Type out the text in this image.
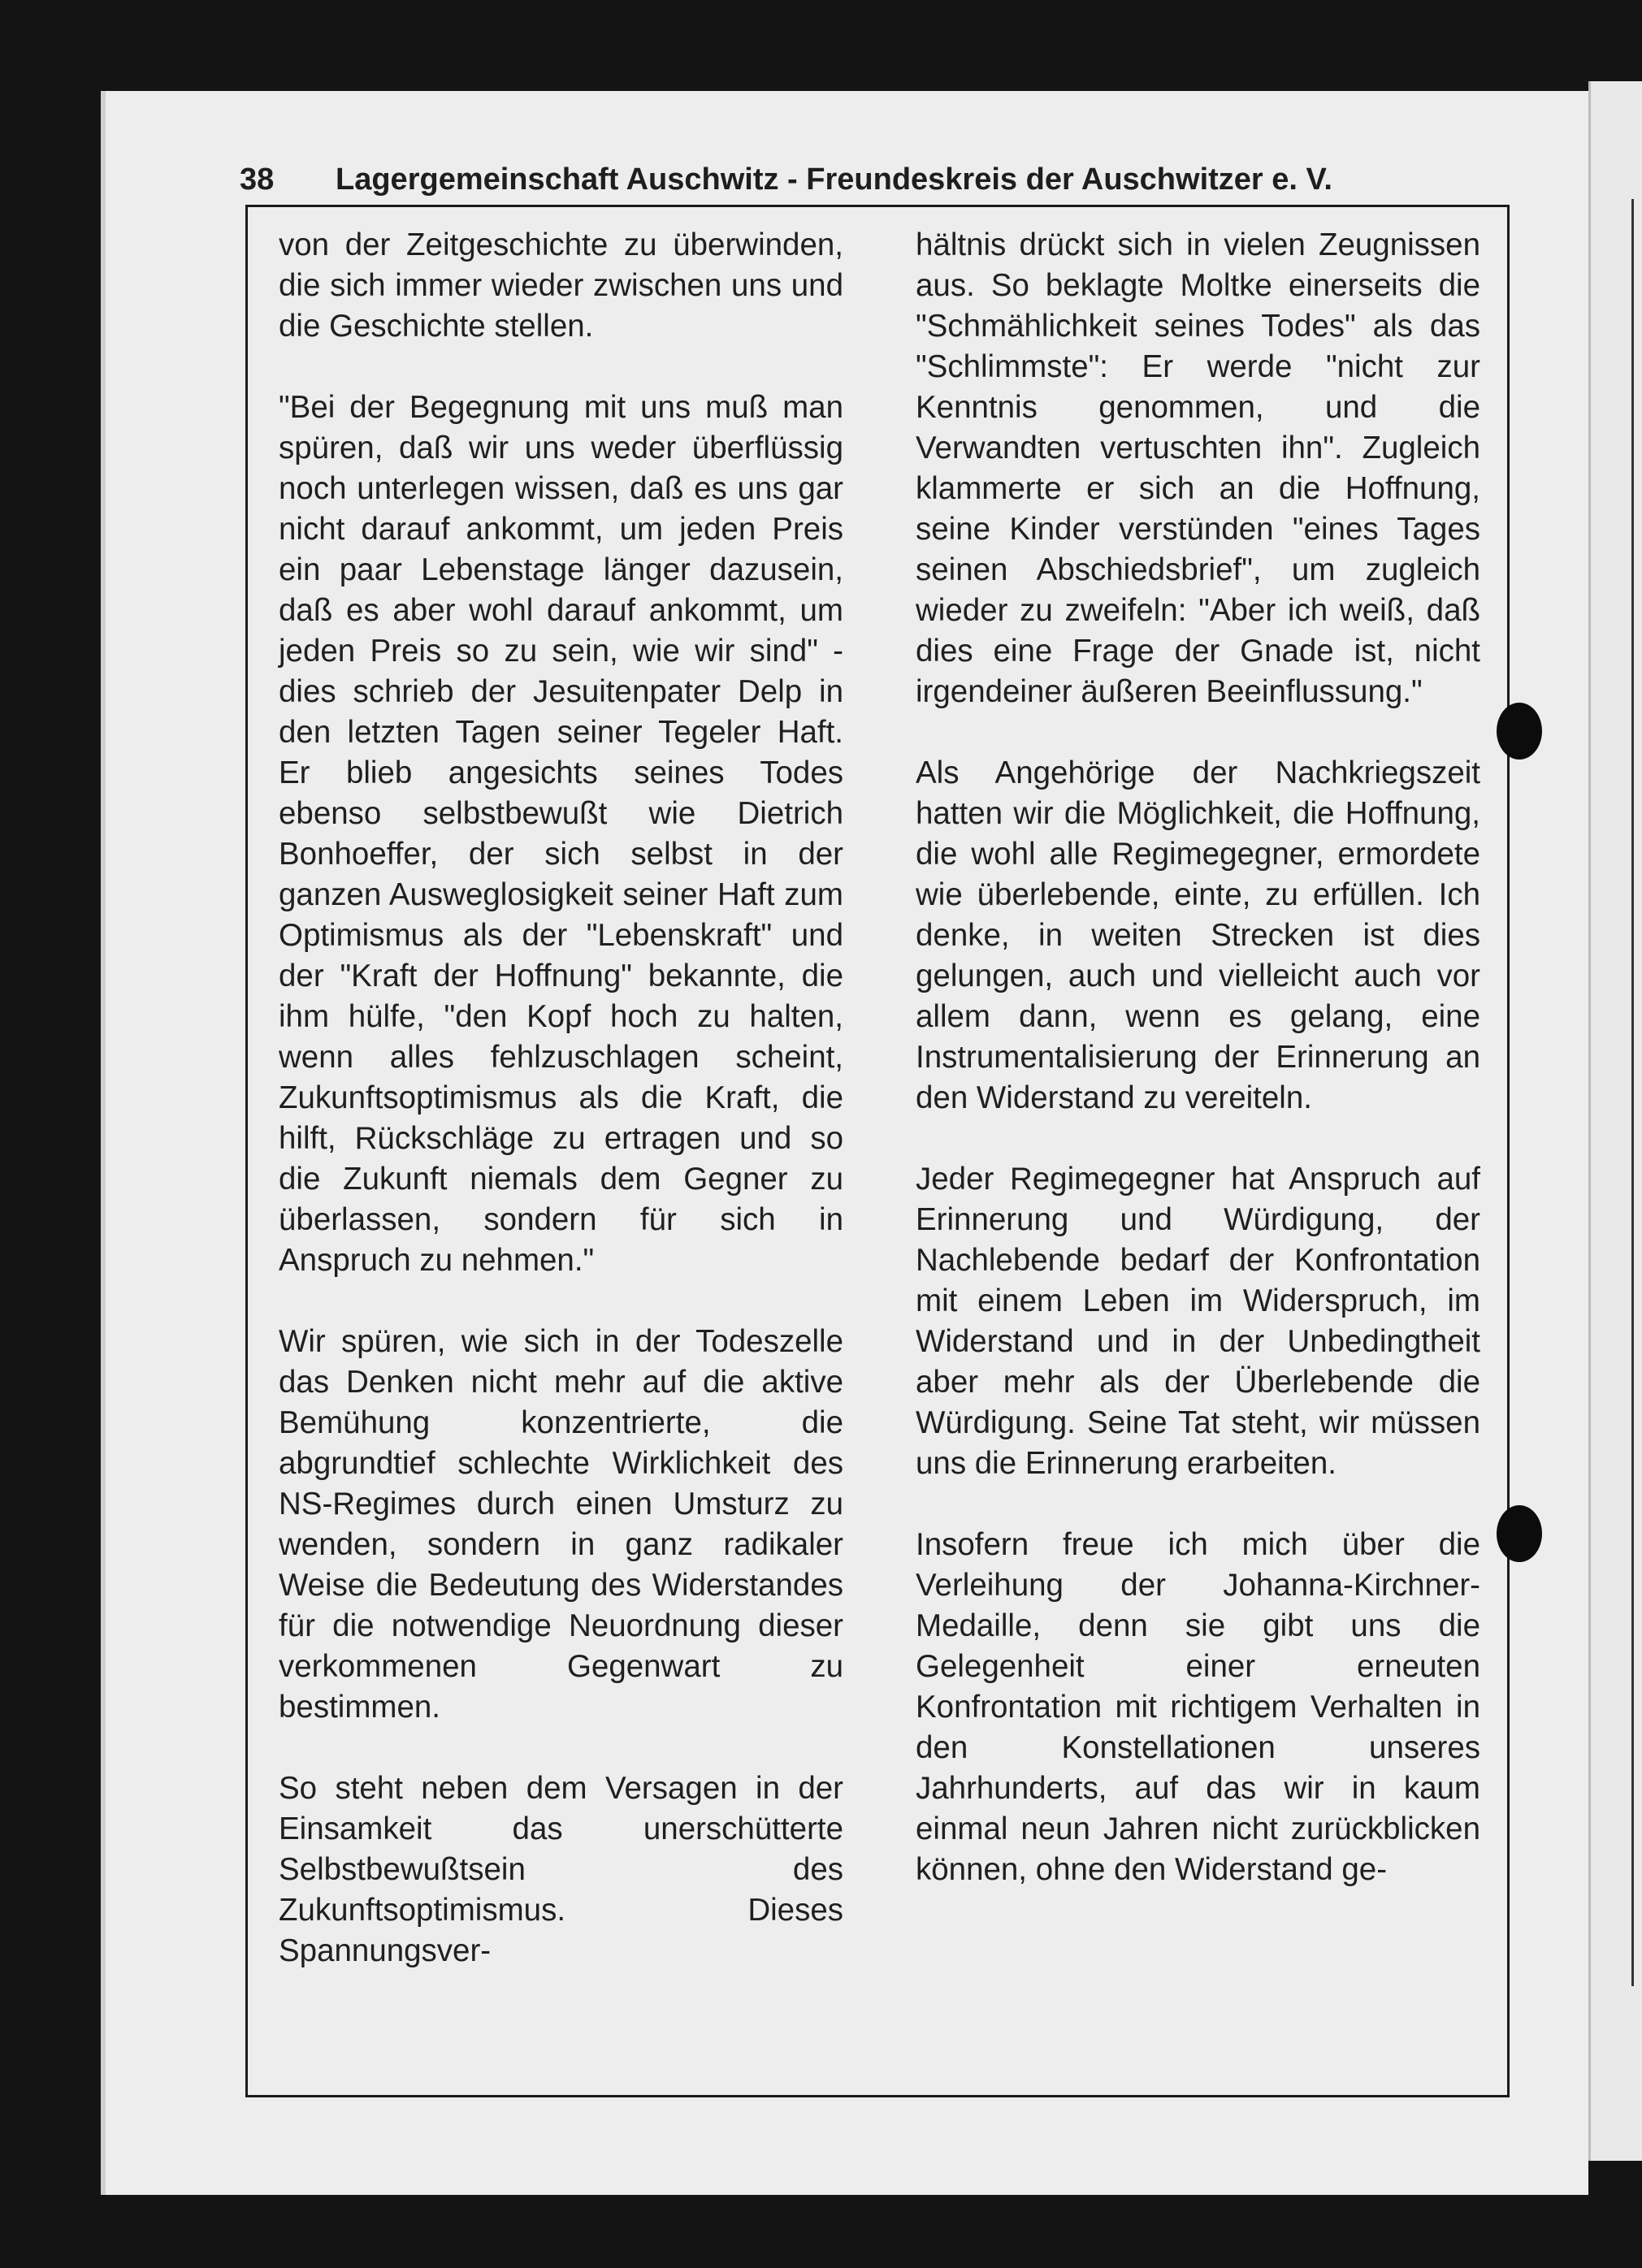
38 Lagergemeinschaft Auschwitz - Freundeskreis der Auschwitzer e. V.

von der Zeitgeschichte zu überwinden, die sich immer wieder zwischen uns und die Geschichte stellen.

"Bei der Begegnung mit uns muß man spüren, daß wir uns weder überflüssig noch unterlegen wissen, daß es uns gar nicht darauf ankommt, um jeden Preis ein paar Lebenstage länger dazusein, daß es aber wohl darauf ankommt, um jeden Preis so zu sein, wie wir sind" - dies schrieb der Jesuitenpater Delp in den letzten Tagen seiner Tegeler Haft. Er blieb angesichts seines Todes ebenso selbstbewußt wie Dietrich Bonhoeffer, der sich selbst in der ganzen Ausweglosigkeit seiner Haft zum Optimismus als der "Lebenskraft" und der "Kraft der Hoffnung" bekannte, die ihm hülfe, "den Kopf hoch zu halten, wenn alles fehlzuschlagen scheint, Zukunftsoptimismus als die Kraft, die hilft, Rückschläge zu ertragen und so die Zukunft niemals dem Gegner zu überlassen, sondern für sich in Anspruch zu nehmen."

Wir spüren, wie sich in der Todeszelle das Denken nicht mehr auf die aktive Bemühung konzentrierte, die abgrundtief schlechte Wirklichkeit des NS-Regimes durch einen Umsturz zu wenden, sondern in ganz radikaler Weise die Bedeutung des Widerstandes für die notwendige Neuordnung dieser verkommenen Gegenwart zu bestimmen.

So steht neben dem Versagen in der Einsamkeit das unerschütterte Selbstbewußtsein des Zukunftsoptimismus. Dieses Spannungsver-

hältnis drückt sich in vielen Zeugnissen aus. So beklagte Moltke einerseits die "Schmählichkeit seines Todes" als das "Schlimmste": Er werde "nicht zur Kenntnis genommen, und die Verwandten vertuschten ihn". Zugleich klammerte er sich an die Hoffnung, seine Kinder verstünden "eines Tages seinen Abschiedsbrief", um zugleich wieder zu zweifeln: "Aber ich weiß, daß dies eine Frage der Gnade ist, nicht irgendeiner äußeren Beeinflussung."

Als Angehörige der Nachkriegszeit hatten wir die Möglichkeit, die Hoffnung, die wohl alle Regimegegner, ermordete wie überlebende, einte, zu erfüllen. Ich denke, in weiten Strecken ist dies gelungen, auch und vielleicht auch vor allem dann, wenn es gelang, eine Instrumentalisierung der Erinnerung an den Widerstand zu vereiteln.

Jeder Regimegegner hat Anspruch auf Erinnerung und Würdigung, der Nachlebende bedarf der Konfrontation mit einem Leben im Widerspruch, im Widerstand und in der Unbedingtheit aber mehr als der Überlebende die Würdigung. Seine Tat steht, wir müssen uns die Erinnerung erarbeiten.

Insofern freue ich mich über die Verleihung der Johanna-Kirchner-Medaille, denn sie gibt uns die Gelegenheit einer erneuten Konfrontation mit richtigem Verhalten in den Konstellationen unseres Jahrhunderts, auf das wir in kaum einmal neun Jahren nicht zurückblicken können, ohne den Widerstand ge-
